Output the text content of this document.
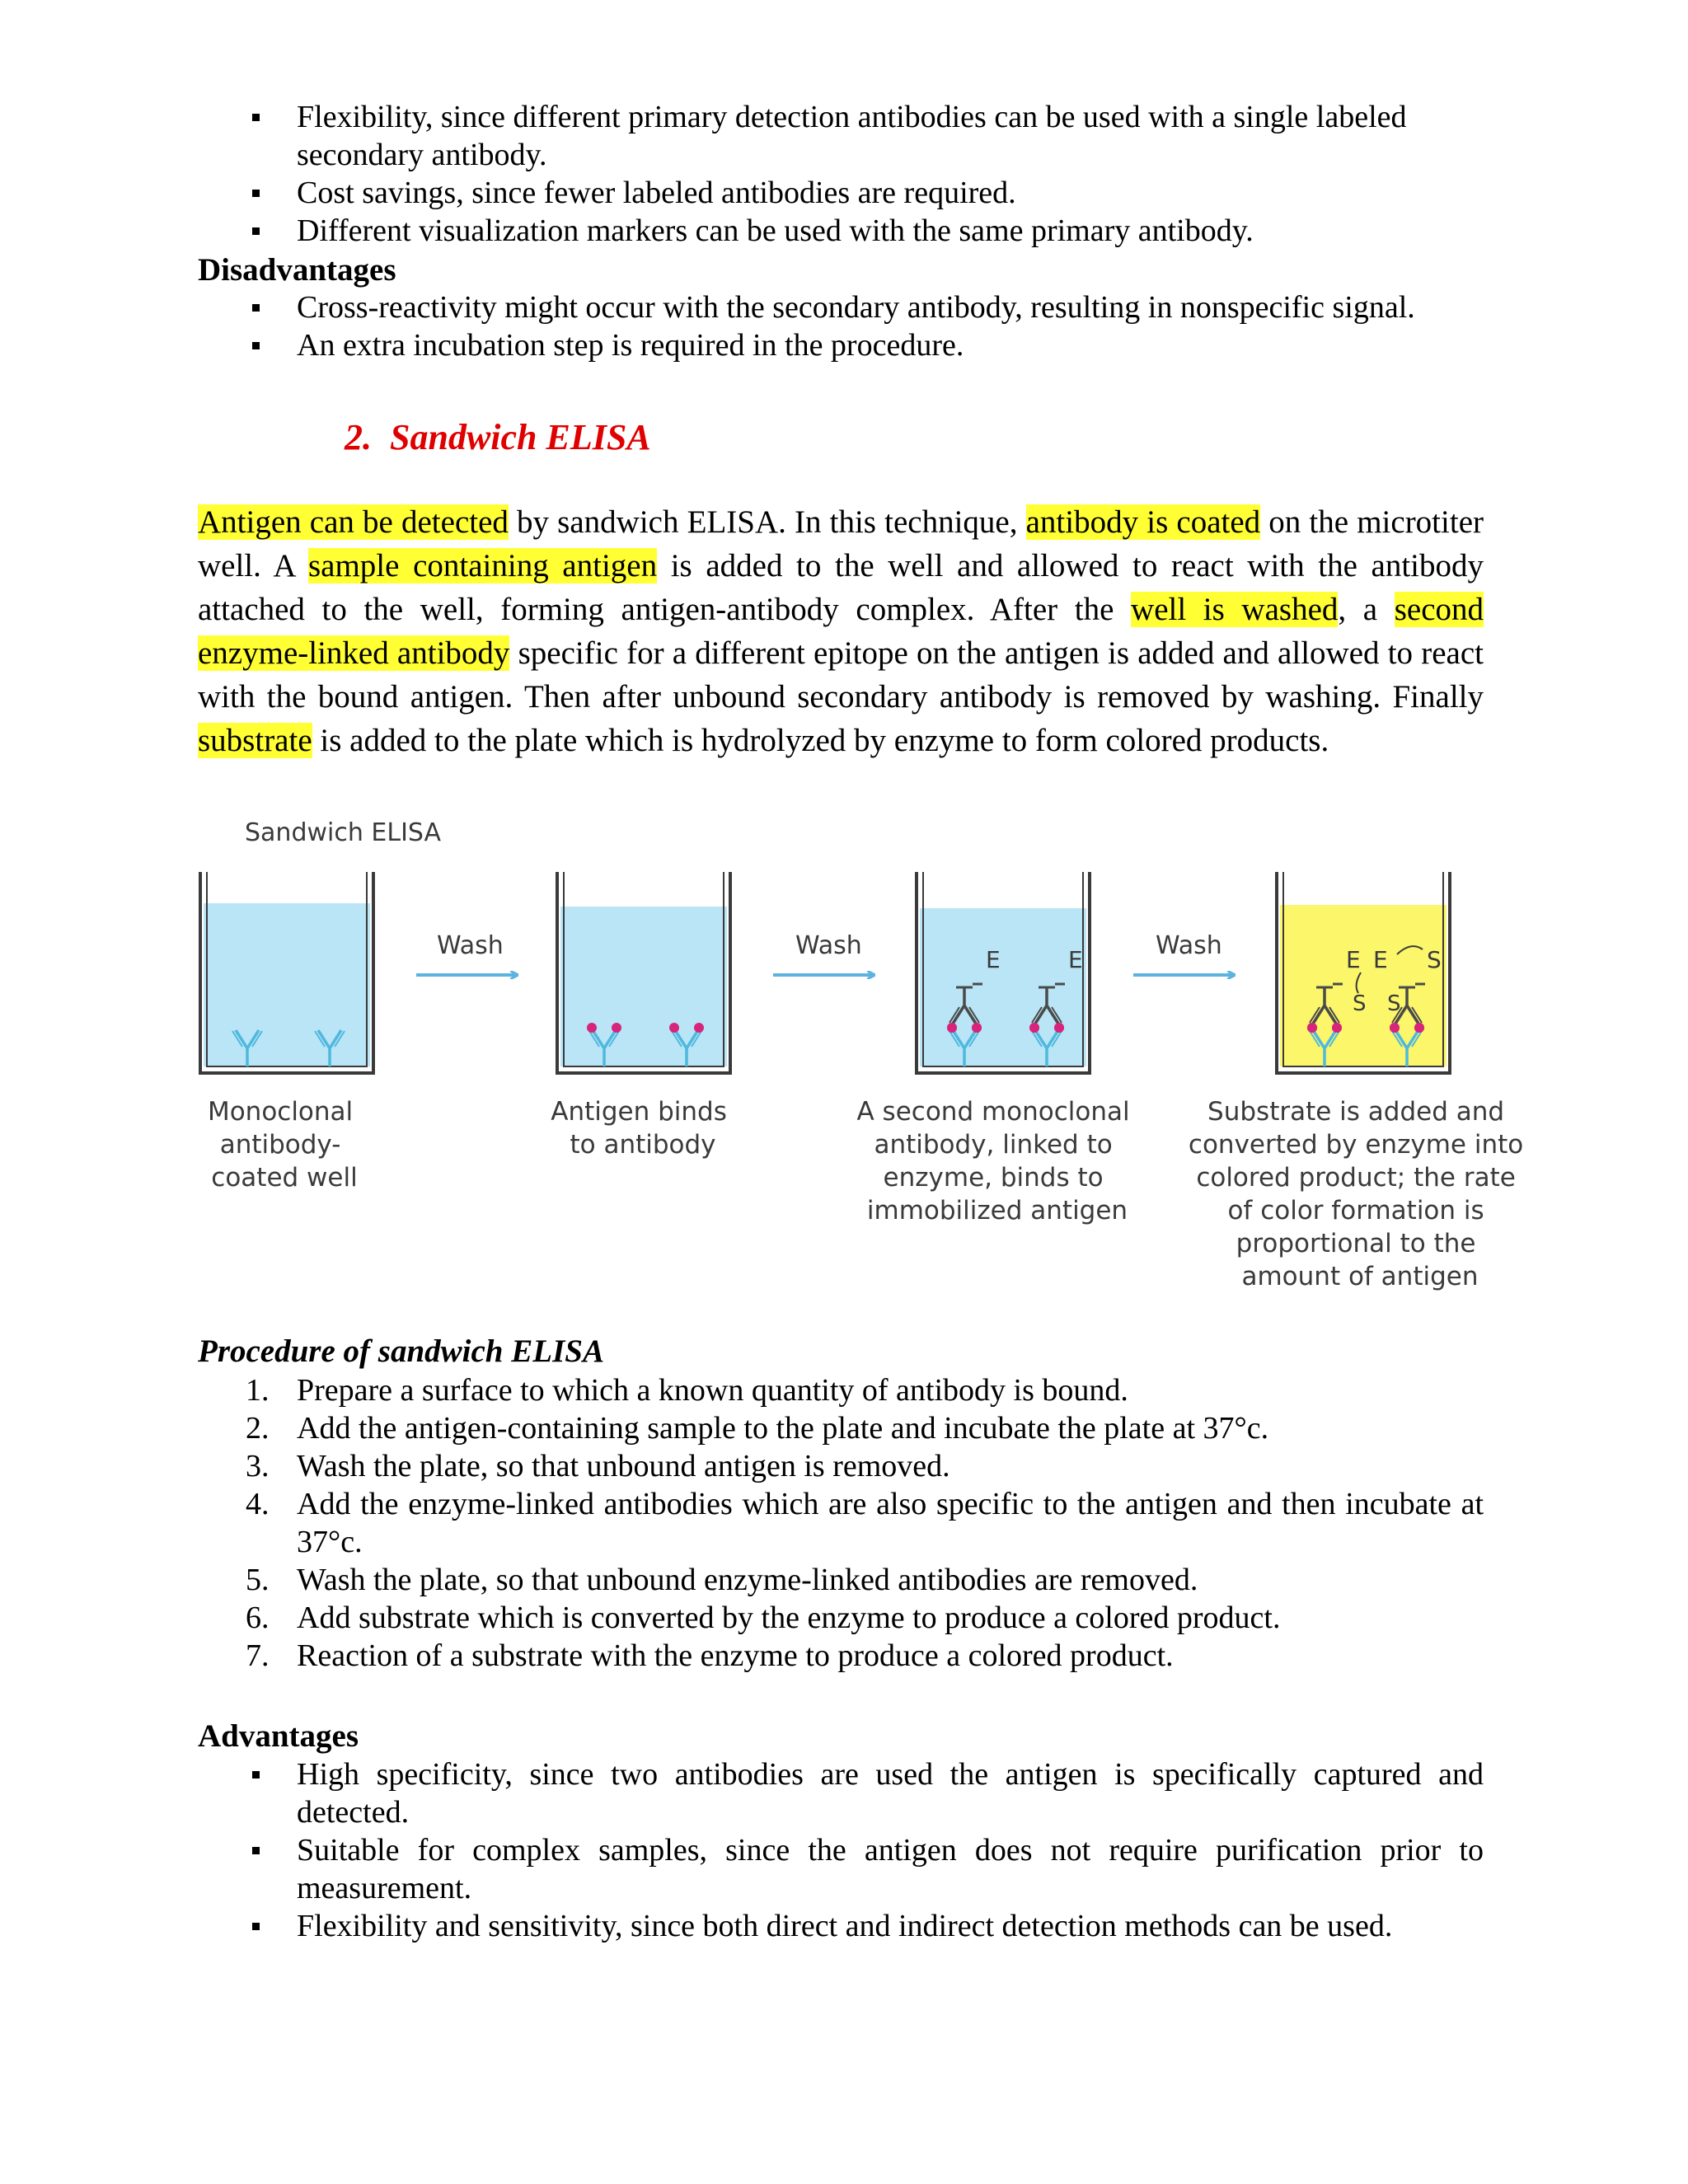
Flexibility, since different primary detection antibodies can be used with a single labeled secondary antibody.
Cost savings, since fewer labeled antibodies are required.
Different visualization markers can be used with the same primary antibody.
Disadvantages
Cross-reactivity might occur with the secondary antibody, resulting in nonspecific signal.
An extra incubation step is required in the procedure.
2. Sandwich ELISA

Antigen can be detected by sandwich ELISA. In this technique, antibody is coated on the microtiter well. A sample containing antigen is added to the well and allowed to react with the antibody attached to the well, forming antigen-antibody complex. After the well is washed, a second enzyme-linked antibody specific for a different epitope on the antigen is added and allowed to react with the bound antigen. Then after unbound secondary antibody is removed by washing. Finally substrate is added to the plate which is hydrolyzed by enzyme to form colored products.

Sandwich ELISA
E	E	E E S
S S
Wash	Wash	Wash
Monoclonal antibody- coated well
Antigen binds to antibody
A second monoclonal antibody, linked to enzyme, binds to immobilized antigen
Substrate is added and converted by enzyme into colored product; the rate of color formation is proportional to the amount of antigen
Procedure of sandwich ELISA
1. Prepare a surface to which a known quantity of antibody is bound.
2. Add the antigen-containing sample to the plate and incubate the plate at 37°c.
3. Wash the plate, so that unbound antigen is removed.
4. Add the enzyme-linked antibodies which are also specific to the antigen and then incubate at 37°c.
5. Wash the plate, so that unbound enzyme-linked antibodies are removed.
6. Add substrate which is converted by the enzyme to produce a colored product.
7. Reaction of a substrate with the enzyme to produce a colored product.
Advantages
High specificity, since two antibodies are used the antigen is specifically captured and detected.
Suitable for complex samples, since the antigen does not require purification prior to measurement.
Flexibility and sensitivity, since both direct and indirect detection methods can be used.
